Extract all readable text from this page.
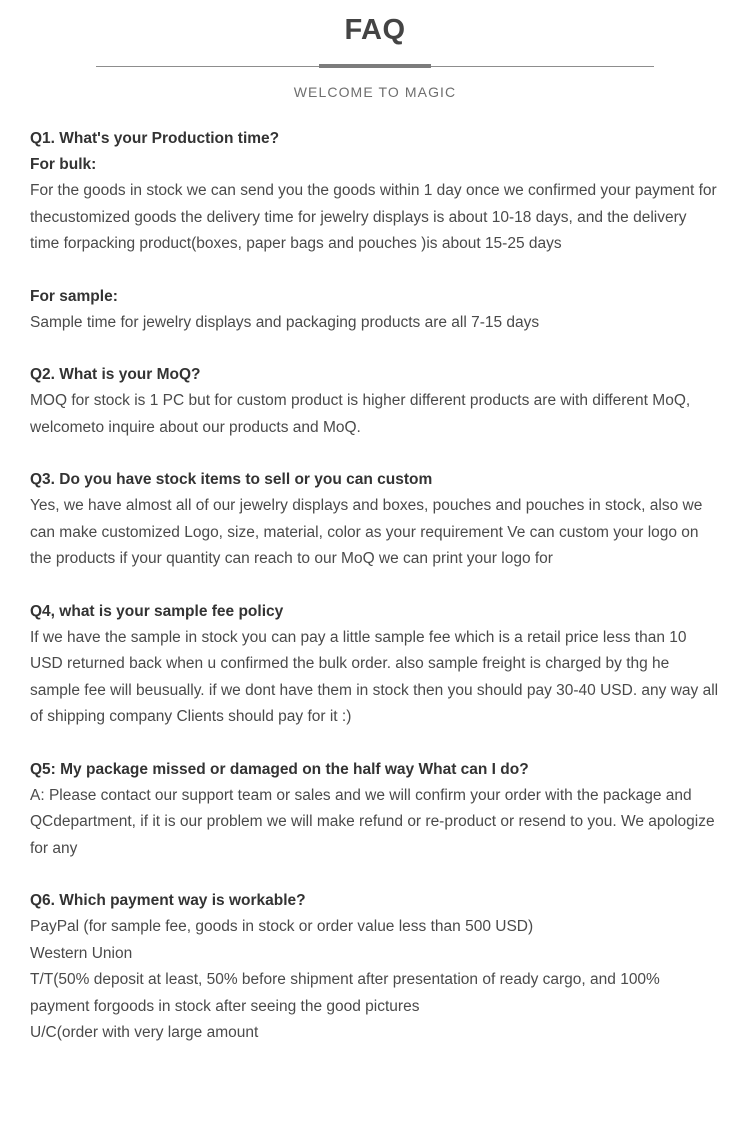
FAQ

WELCOME TO MAGIC

Q1. What's your Production time?

For bulk:

For the goods in stock we can send you the goods within 1 day once we confirmed your payment for thecustomized goods the delivery time for jewelry displays is about 10-18 days, and the delivery time forpacking product(boxes, paper bags and pouches )is about 15-25 days

For sample:

Sample time for jewelry displays and packaging products are all 7-15 days

Q2. What is your MoQ?

MOQ for stock is 1 PC but for custom product is higher different products are with different MoQ, welcometo inquire about our products and MoQ.

Q3. Do you have stock items to sell or you can custom

Yes, we have almost all of our jewelry displays and boxes, pouches and pouches in stock, also we can make customized Logo, size, material, color as your requirement Ve can custom your logo on the products if your quantity can reach to our MoQ we can print your logo for

Q4, what is your sample fee policy

If we have the sample in stock you can pay a little sample fee which is a retail price less than 10 USD returned back when u confirmed the bulk order. also sample freight is charged by thg he sample fee will beusually. if we dont have them in stock then you should pay 30-40 USD. any way all of shipping company Clients should pay for it :)

Q5: My package missed or damaged on the half way What can I do?

A: Please contact our support team or sales and we will confirm your order with the package and QCdepartment, if it is our problem we will make refund or re-product or resend to you. We apologize for any

Q6. Which payment way is workable?

PayPal (for sample fee, goods in stock or order value less than 500 USD)

Western Union

T/T(50% deposit at least, 50% before shipment after presentation of ready cargo, and 100% payment forgoods in stock after seeing the good pictures

U/C(order with very large amount
